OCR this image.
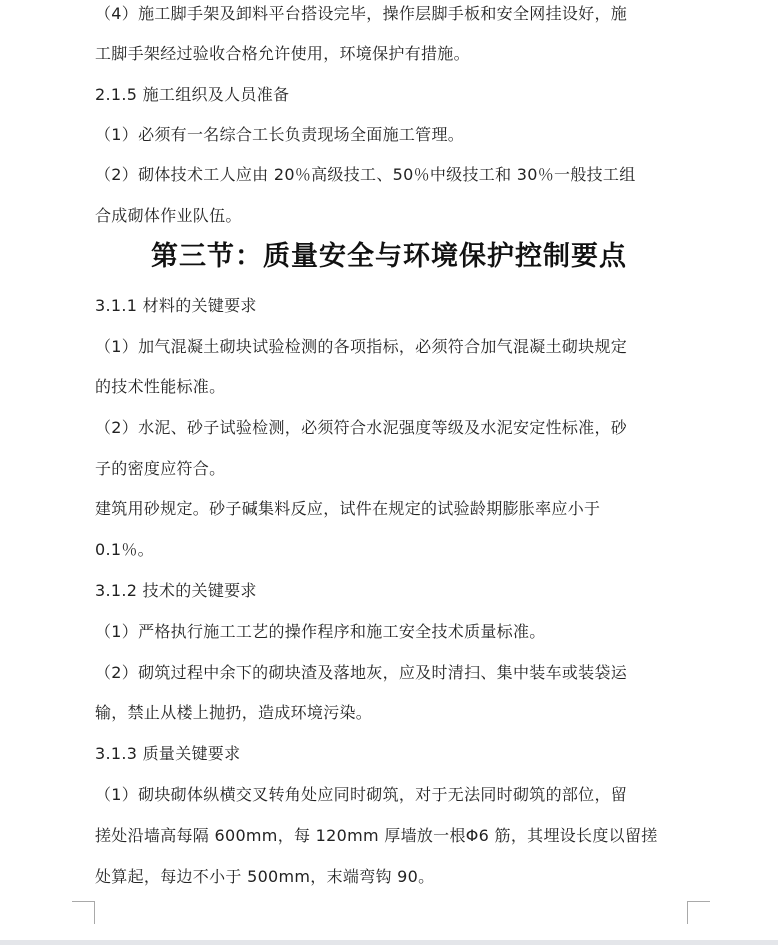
（4）施工脚手架及卸料平台搭设完毕，操作层脚手板和安全网挂设好，施
工脚手架经过验收合格允许使用，环境保护有措施。
2.1.5 施工组织及人员准备
（1）必须有一名综合工长负责现场全面施工管理。
（2）砌体技术工人应由 20％高级技工、50％中级技工和 30％一般技工组
合成砌体作业队伍。
第三节：质量安全与环境保护控制要点
3.1.1 材料的关键要求
（1）加气混凝土砌块试验检测的各项指标，必须符合加气混凝土砌块规定
的技术性能标准。
（2）水泥、砂子试验检测，必须符合水泥强度等级及水泥安定性标准，砂
子的密度应符合。
建筑用砂规定。砂子碱集料反应，试件在规定的试验龄期膨胀率应小于
0.1％。
3.1.2 技术的关键要求
（1）严格执行施工工艺的操作程序和施工安全技术质量标准。
（2）砌筑过程中余下的砌块渣及落地灰，应及时清扫、集中装车或装袋运
输，禁止从楼上抛扔，造成环境污染。
3.1.3 质量关键要求
（1）砌块砌体纵横交叉转角处应同时砌筑，对于无法同时砌筑的部位，留
搓处沿墙高每隔 600mm，每 120mm 厚墙放一根Φ6 筋，其埋设长度以留搓
处算起，每边不小于 500mm，末端弯钩 90。
